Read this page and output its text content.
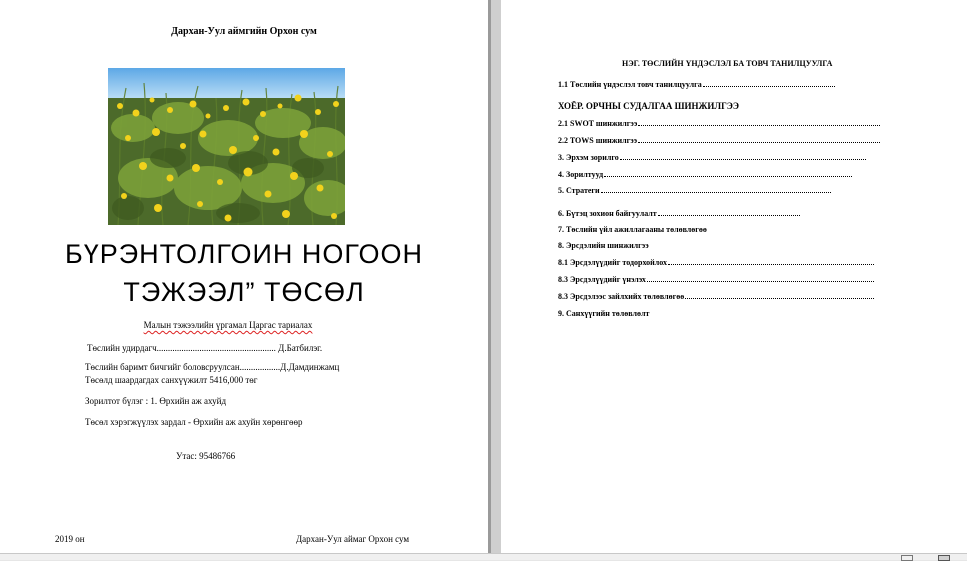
Дархан-Уул аймгийн Орхон сум
БҮРЭНТОЛГОИН НОГООН
ТЭЖЭЭЛ” ТӨСӨЛ
Малын тэжээлийн үргамал Царгас тариалах
Төслийн удирдагч..................................................... Д.Батбилэг.
Төслийн баримт бичгийг боловсруулсан..................Д.Дамдинжамц
Төсөлд шаардагдах санхүүжилт 5416,000 төг
Зорилтот бүлэг : 1. Өрхийн аж ахуйд
Төсөл хэрэгжүүлэх зардал - Өрхийн аж ахуйн хөрөнгөөр
Утас: 95486766
2019 он	Дархан-Уул аймаг Орхон сум
НЭГ. ТӨСЛИЙН ҮНДЭСЛЭЛ БА ТОВЧ ТАНИЛЦУУЛГА
1.1 Төслийн үндэслэл товч танилцуулга
ХОЁР. ОРЧНЫ СУДАЛГАА ШИНЖИЛГЭЭ
2.1 SWOT шинжилгээ
2.2 TOWS шинжилгээ
3. Эрхэм зорилго
4. Зорилтууд
5. Стратеги
6. Бүтэц зохион байгуулалт
7. Төслийн үйл ажиллагааны төлөвлөгөө
8. Эрсдэлийн шинжилгээ
8.1 Эрсдэлүүдийг тодорхойлох
8.3 Эрсдэлүүдийг үнэлэх
8.3 Эрсдэлээс зайлхийх төлөвлөгөө
9. Санхүүгийн төлөвлөлт
